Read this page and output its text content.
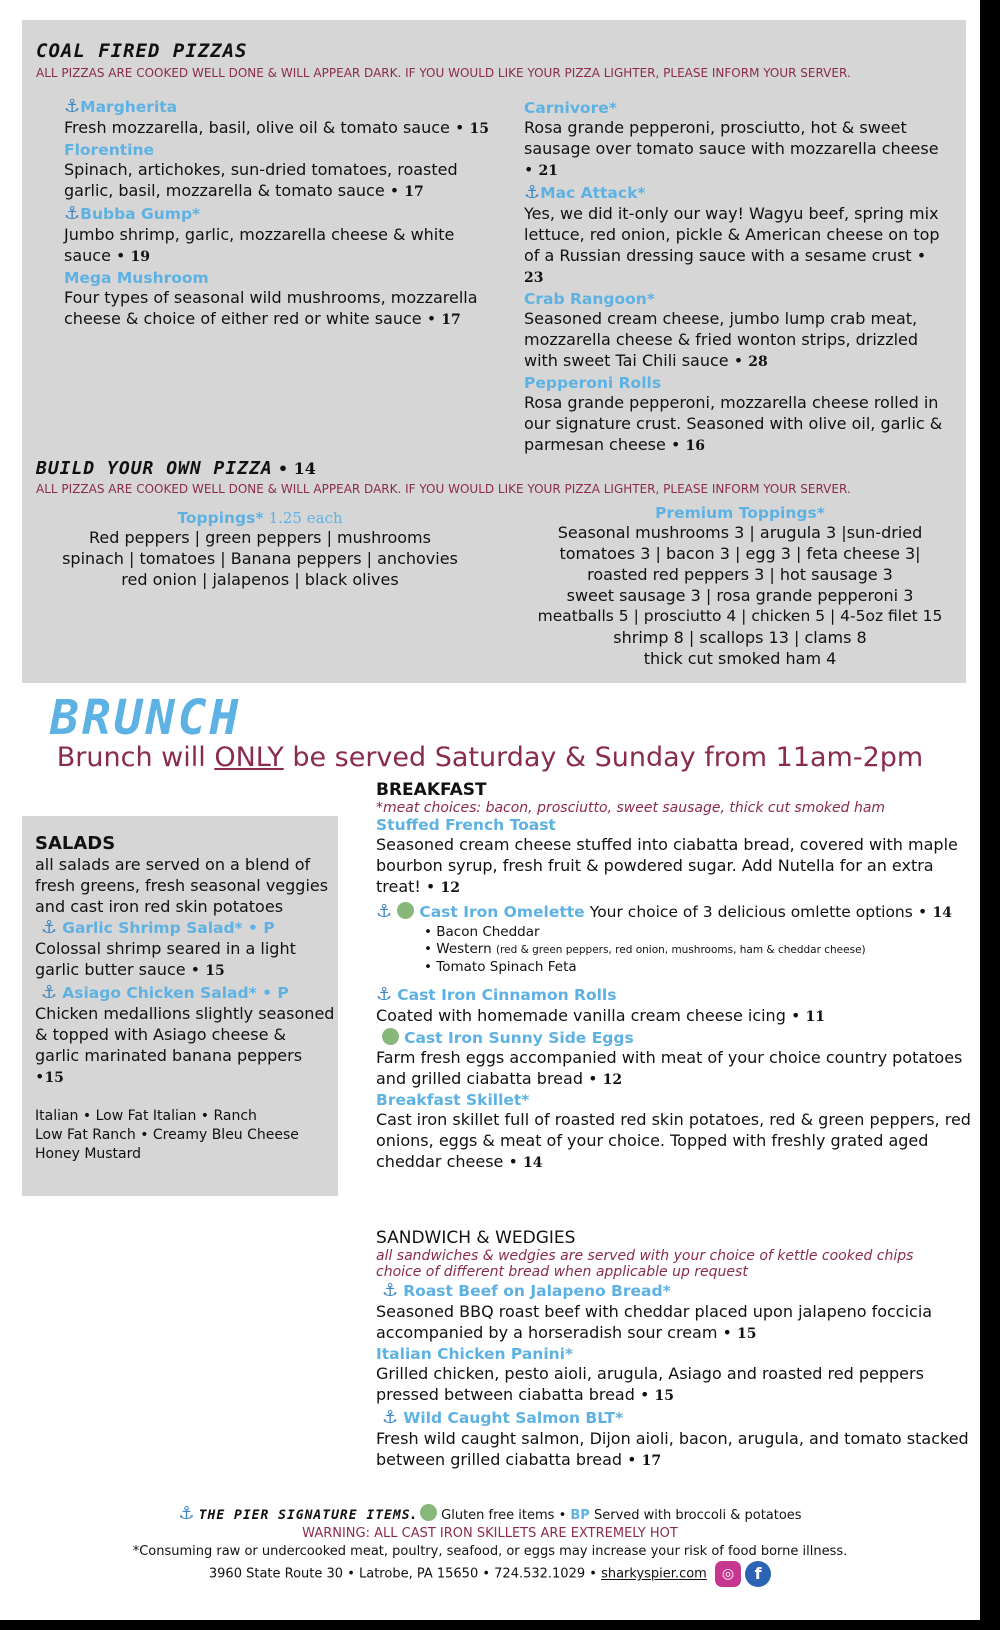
COAL FIRED PIZZAS
ALL PIZZAS ARE COOKED WELL DONE & WILL APPEAR DARK. IF YOU WOULD LIKE YOUR PIZZA LIGHTER, PLEASE INFORM YOUR SERVER.
⚓Margherita
Fresh mozzarella, basil, olive oil & tomato sauce • 15
Florentine
Spinach, artichokes, sun-dried tomatoes, roasted garlic, basil, mozzarella & tomato sauce • 17
⚓Bubba Gump*
Jumbo shrimp, garlic, mozzarella cheese & white sauce • 19
Mega Mushroom
Four types of seasonal wild mushrooms, mozzarella cheese & choice of either red or white sauce • 17
Carnivore*
Rosa grande pepperoni, prosciutto, hot & sweet sausage over tomato sauce with mozzarella cheese • 21
⚓Mac Attack*
Yes, we did it-only our way! Wagyu beef, spring mix lettuce, red onion, pickle & American cheese on top of a Russian dressing sauce with a sesame crust • 23
Crab Rangoon*
Seasoned cream cheese, jumbo lump crab meat, mozzarella cheese & fried wonton strips, drizzled with sweet Tai Chili sauce • 28
Pepperoni Rolls
Rosa grande pepperoni, mozzarella cheese rolled in our signature crust. Seasoned with olive oil, garlic & parmesan cheese • 16
BUILD YOUR OWN PIZZA • 14
ALL PIZZAS ARE COOKED WELL DONE & WILL APPEAR DARK. IF YOU WOULD LIKE YOUR PIZZA LIGHTER, PLEASE INFORM YOUR SERVER.
Toppings* 1.25 each
Red peppers | green peppers | mushrooms
spinach | tomatoes | Banana peppers | anchovies
red onion | jalapenos | black olives
Premium Toppings*
Seasonal mushrooms 3 | arugula 3 |sun-dried
tomatoes 3 | bacon 3 | egg 3 | feta cheese 3|
roasted red peppers 3 | hot sausage 3
sweet sausage 3 | rosa grande pepperoni 3
meatballs 5 | prosciutto 4 | chicken 5 | 4-5oz filet 15
shrimp 8 | scallops 13 | clams 8
thick cut smoked ham 4
BRUNCH
Brunch will ONLY be served Saturday & Sunday from 11am-2pm
SALADS
all salads are served on a blend of fresh greens, fresh seasonal veggies and cast iron red skin potatoes
⚓ Garlic Shrimp Salad* • P
Colossal shrimp seared in a light garlic butter sauce • 15
⚓ Asiago Chicken Salad* • P
Chicken medallions slightly seasoned & topped with Asiago cheese & garlic marinated banana peppers •15
Italian • Low Fat Italian • Ranch
Low Fat Ranch • Creamy Bleu Cheese
Honey Mustard
BREAKFAST
*meat choices: bacon, prosciutto, sweet sausage, thick cut smoked ham
Stuffed French Toast
Seasoned cream cheese stuffed into ciabatta bread, covered with maple bourbon syrup, fresh fruit & powdered sugar. Add Nutella for an extra treat! • 12
⚓ Cast Iron Omelette Your choice of 3 delicious omlette options • 14
• Bacon Cheddar
• Western (red & green peppers, red onion, mushrooms, ham & cheddar cheese)
• Tomato Spinach Feta
⚓ Cast Iron Cinnamon Rolls
Coated with homemade vanilla cream cheese icing • 11
Cast Iron Sunny Side Eggs
Farm fresh eggs accompanied with meat of your choice country potatoes and grilled ciabatta bread • 12
Breakfast Skillet*
Cast iron skillet full of roasted red skin potatoes, red & green peppers, red onions, eggs & meat of your choice. Topped with freshly grated aged cheddar cheese • 14
SANDWICH & WEDGIES
all sandwiches & wedgies are served with your choice of kettle cooked chips
choice of different bread when applicable up request
⚓ Roast Beef on Jalapeno Bread*
Seasoned BBQ roast beef with cheddar placed upon jalapeno foccicia accompanied by a horseradish sour cream • 15
Italian Chicken Panini*
Grilled chicken, pesto aioli, arugula, Asiago and roasted red peppers pressed between ciabatta bread • 15
⚓ Wild Caught Salmon BLT*
Fresh wild caught salmon, Dijon aioli, bacon, arugula, and tomato stacked between grilled ciabatta bread • 17
⚓ THE PIER SIGNATURE ITEMS.  Gluten free items • BP Served with broccoli & potatoes
WARNING: ALL CAST IRON SKILLETS ARE EXTREMELY HOT
*Consuming raw or undercooked meat, poultry, seafood, or eggs may increase your risk of food borne illness.
3960 State Route 30 • Latrobe, PA 15650 • 724.532.1029 • sharkyspier.com ◎ f
